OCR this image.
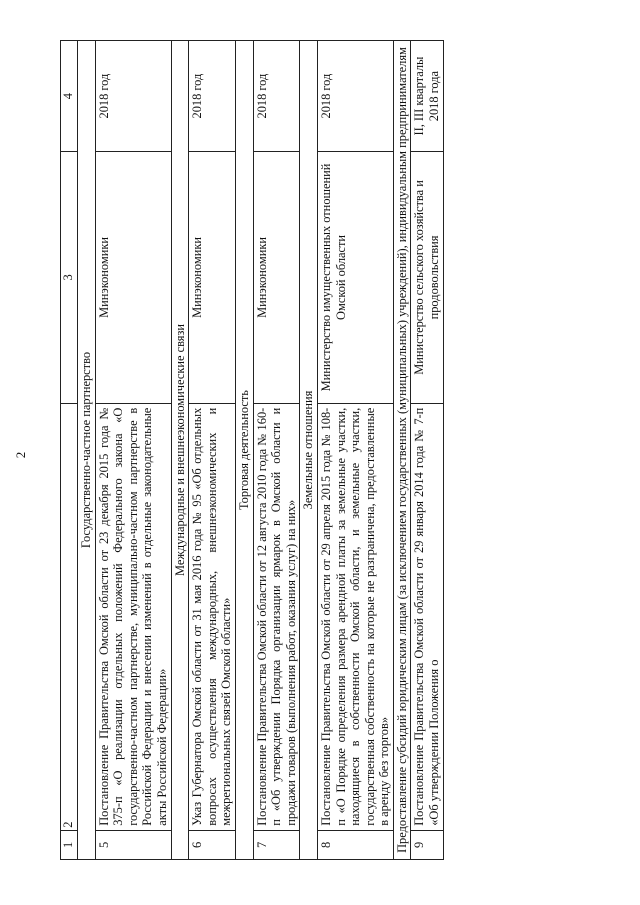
2
1	2	3	4
Государственно-частное партнерство			
5	Постановление Правительства Омской области от 23 декабря 2015 года № 375-п «О реализации отдельных положений Федерального закона «О государственно-частном партнерстве, муниципально-частном партнерстве в Российской Федерации и внесении изменений в отдельные законодательные акты Российской Федерации»	Минэкономики	2018 год
Международные и внешнеэкономические связи			
6	Указ Губернатора Омской области от 31 мая 2016 года № 95 «Об отдельных вопросах осуществления международных, внешнеэкономических и межрегиональных связей Омской области»	Минэкономики	2018 год
Торговая деятельность			
7	Постановление Правительства Омской области от 12 августа 2010 года № 160-п «Об утверждении Порядка организации ярмарок в Омской области и продажи товаров (выполнения работ, оказания услуг) на них»	Минэкономики	2018 год
Земельные отношения			
8	Постановление Правительства Омской области от 29 апреля 2015 года № 108-п «О Порядке определения размера арендной платы за земельные участки, находящиеся в собственности Омской области, и земельные участки, государственная собственность на которые не разграничена, предоставленные в аренду без торгов»	Министерство имущественных отношений Омской области	2018 год
Предоставление субсидий юридическим лицам (за исключением государственных (муниципальных) учреждений), индивидуальным предпринимателям			
9	Постановление Правительства Омской области от 29 января 2014 года № 7-п «Об утверждении Положения о	Министерство сельского хозяйства и продовольствия	II, III кварталы 2018 года
